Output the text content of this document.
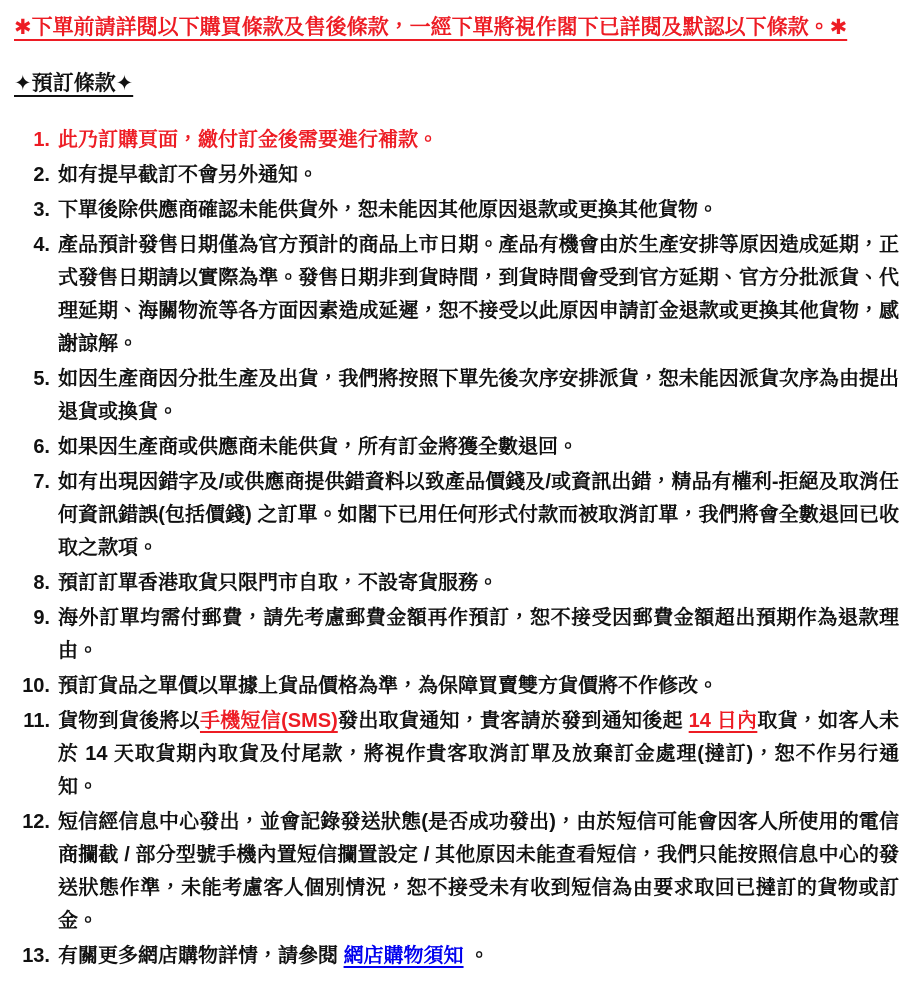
✱下單前請詳閱以下購買條款及售後條款，一經下單將視作閣下已詳閱及默認以下條款。✱
✦預訂條款✦
1. 此乃訂購頁面，繳付訂金後需要進行補款。

2. 如有提早截訂不會另外通知。

3. 下單後除供應商確認未能供貨外，恕未能因其他原因退款或更換其他貨物。

4. 產品預計發售日期僅為官方預計的商品上市日期。產品有機會由於生產安排等原因造成延期，正式發售日期請以實際為準。發售日期非到貨時間，到貨時間會受到官方延期、官方分批派貨、代理延期、海關物流等各方面因素造成延遲，恕不接受以此原因申請訂金退款或更換其他貨物，感謝諒解。

5. 如因生產商因分批生產及出貨，我們將按照下單先後次序安排派貨，恕未能因派貨次序為由提出退貨或換貨。

6. 如果因生產商或供應商未能供貨，所有訂金將獲全數退回。

7. 如有出現因錯字及/或供應商提供錯資料以致產品價錢及/或資訊出錯，精品有權利-拒絕及取消任何資訊錯誤(包括價錢) 之訂單。如閣下已用任何形式付款而被取消訂單，我們將會全數退回已收取之款項。

8. 預訂訂單香港取貨只限門市自取，不設寄貨服務。

9. 海外訂單均需付郵費，請先考慮郵費金額再作預訂，恕不接受因郵費金額超出預期作為退款理由。

10. 預訂貨品之單價以單據上貨品價格為準，為保障買賣雙方貨價將不作修改。

11. 貨物到貨後將以手機短信(SMS)發出取貨通知，貴客請於發到通知後起 14 日內取貨，如客人未於 14 天取貨期內取貨及付尾款，將視作貴客取消訂單及放棄訂金處理(撻訂)，恕不作另行通知。

12. 短信經信息中心發出，並會記錄發送狀態(是否成功發出)，由於短信可能會因客人所使用的電信商攔截 / 部分型號手機內置短信攔置設定 / 其他原因未能查看短信，我們只能按照信息中心的發送狀態作準，未能考慮客人個別情況，恕不接受未有收到短信為由要求取回已撻訂的貨物或訂金。

13. 有關更多網店購物詳情，請參閱 網店購物須知 。
